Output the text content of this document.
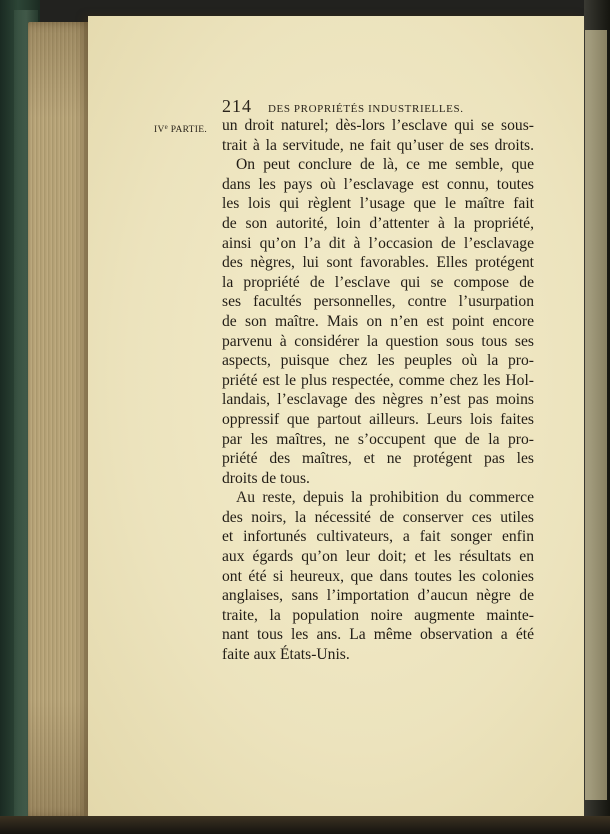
214 DES PROPRIÉTÉS INDUSTRIELLES.
IVe PARTIE. un droit naturel; dès-lors l’esclave qui se sous-
trait à la servitude, ne fait qu’user de ses droits.
On peut conclure de là, ce me semble, que
dans les pays où l’esclavage est connu, toutes
les lois qui règlent l’usage que le maître fait
de son autorité, loin d’attenter à la propriété,
ainsi qu’on l’a dit à l’occasion de l’esclavage
des nègres, lui sont favorables. Elles protégent
la propriété de l’esclave qui se compose de
ses facultés personnelles, contre l’usurpation
de son maître. Mais on n’en est point encore
parvenu à considérer la question sous tous ses
aspects, puisque chez les peuples où la pro-
priété est le plus respectée, comme chez les Hol-
landais, l’esclavage des nègres n’est pas moins
oppressif que partout ailleurs. Leurs lois faites
par les maîtres, ne s’occupent que de la pro-
priété des maîtres, et ne protégent pas les
droits de tous.
Au reste, depuis la prohibition du commerce
des noirs, la nécessité de conserver ces utiles
et infortunés cultivateurs, a fait songer enfin
aux égards qu’on leur doit; et les résultats en
ont été si heureux, que dans toutes les colonies
anglaises, sans l’importation d’aucun nègre de
traite, la population noire augmente mainte-
nant tous les ans. La même observation a été
faite aux États-Unis.
